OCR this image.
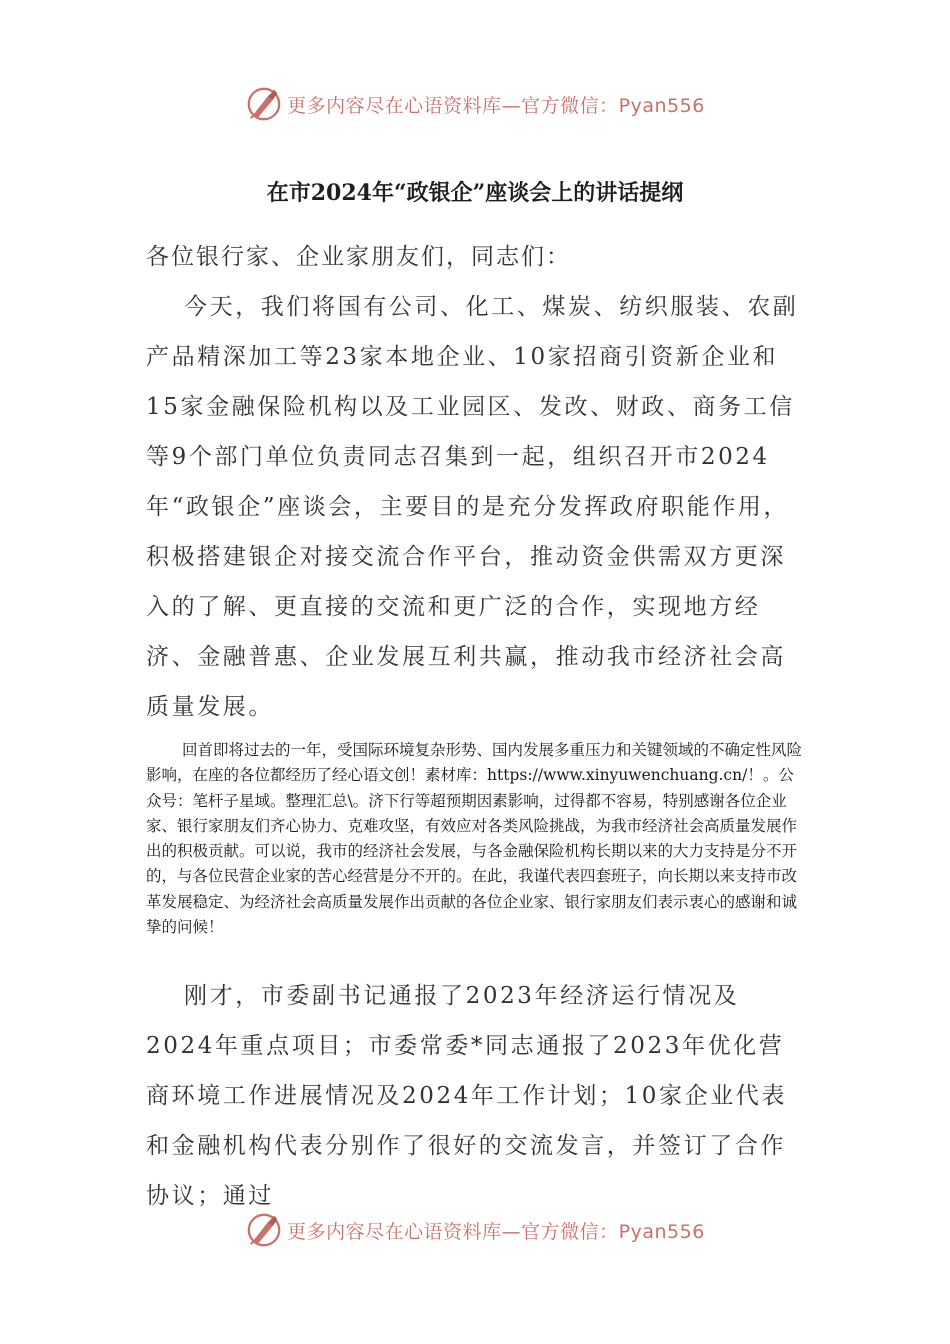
更多内容尽在心语资料库—官方微信：Pyan556
在市2024年“政银企”座谈会上的讲话提纲

各位银行家、企业家朋友们，同志们：

今天，我们将国有公司、化工、煤炭、纺织服装、农副产品精深加工等23家本地企业、10家招商引资新企业和15家金融保险机构以及工业园区、发改、财政、商务工信等9个部门单位负责同志召集到一起，组织召开市2024年“政银企”座谈会，主要目的是充分发挥政府职能作用，积极搭建银企对接交流合作平台，推动资金供需双方更深入的了解、更直接的交流和更广泛的合作，实现地方经济、金融普惠、企业发展互利共赢，推动我市经济社会高质量发展。

回首即将过去的一年，受国际环境复杂形势、国内发展多重压力和关键领域的不确定性风险影响，在座的各位都经历了经心语文创！素材库：https://www.xinyuwenchuang.cn/！。公众号：笔杆子星域。整理汇总\。济下行等超预期因素影响，过得都不容易，特别感谢各位企业家、银行家朋友们齐心协力、克难攻坚，有效应对各类风险挑战，为我市经济社会高质量发展作出的积极贡献。可以说，我市的经济社会发展，与各金融保险机构长期以来的大力支持是分不开的，与各位民营企业家的苦心经营是分不开的。在此，我谨代表四套班子，向长期以来支持市改革发展稳定、为经济社会高质量发展作出贡献的各位企业家、银行家朋友们表示衷心的感谢和诚挚的问候！

刚才，市委副书记通报了2023年经济运行情况及2024年重点项目；市委常委*同志通报了2023年优化营商环境工作进展情况及2024年工作计划；10家企业代表和金融机构代表分别作了很好的交流发言，并签订了合作协议；通过

更多内容尽在心语资料库—官方微信：Pyan556
